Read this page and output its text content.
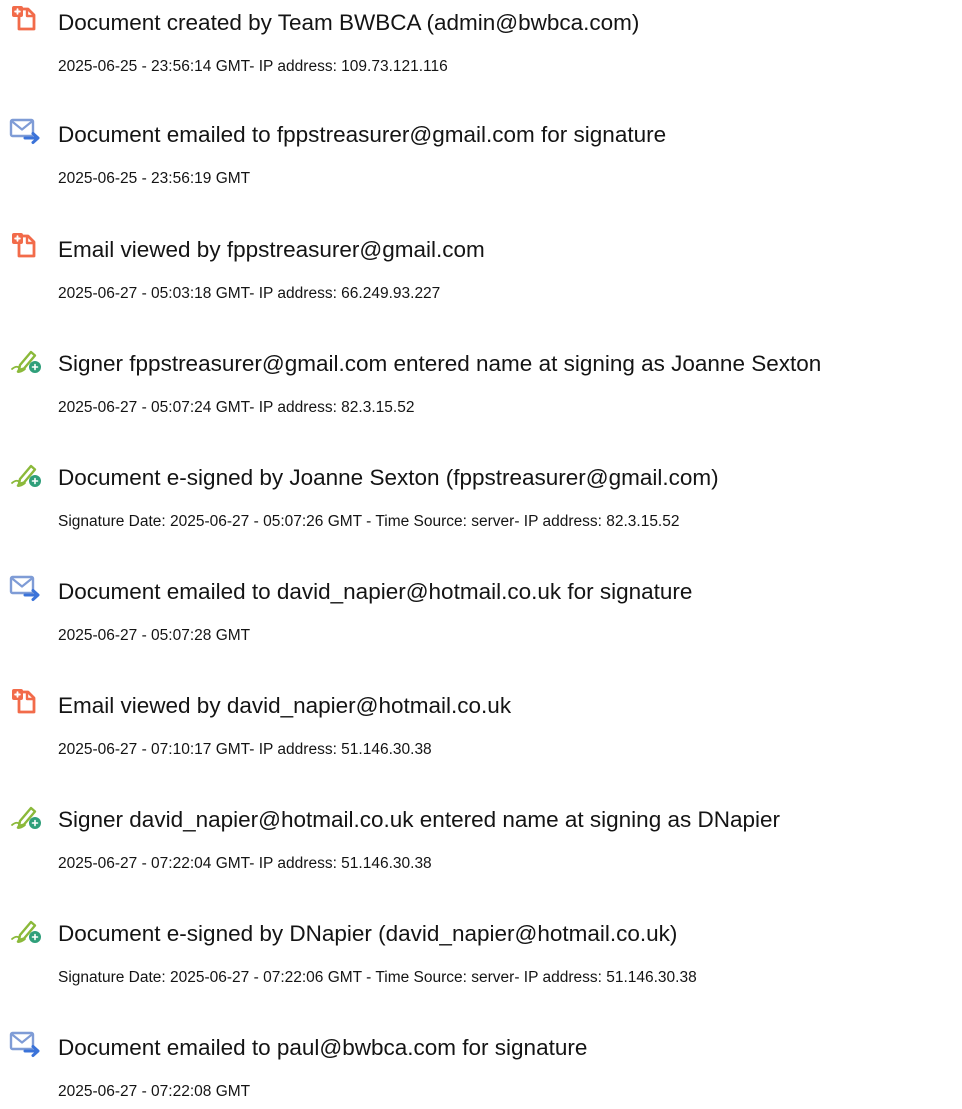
Document created by Team BWBCA (admin@bwbca.com)
2025-06-25 - 23:56:14 GMT- IP address: 109.73.121.116
Document emailed to fppstreasurer@gmail.com for signature
2025-06-25 - 23:56:19 GMT
Email viewed by fppstreasurer@gmail.com
2025-06-27 - 05:03:18 GMT- IP address: 66.249.93.227
Signer fppstreasurer@gmail.com entered name at signing as Joanne Sexton
2025-06-27 - 05:07:24 GMT- IP address: 82.3.15.52
Document e-signed by Joanne Sexton (fppstreasurer@gmail.com)
Signature Date: 2025-06-27 - 05:07:26 GMT - Time Source: server- IP address: 82.3.15.52
Document emailed to david_napier@hotmail.co.uk for signature
2025-06-27 - 05:07:28 GMT
Email viewed by david_napier@hotmail.co.uk
2025-06-27 - 07:10:17 GMT- IP address: 51.146.30.38
Signer david_napier@hotmail.co.uk entered name at signing as DNapier
2025-06-27 - 07:22:04 GMT- IP address: 51.146.30.38
Document e-signed by DNapier (david_napier@hotmail.co.uk)
Signature Date: 2025-06-27 - 07:22:06 GMT - Time Source: server- IP address: 51.146.30.38
Document emailed to paul@bwbca.com for signature
2025-06-27 - 07:22:08 GMT
